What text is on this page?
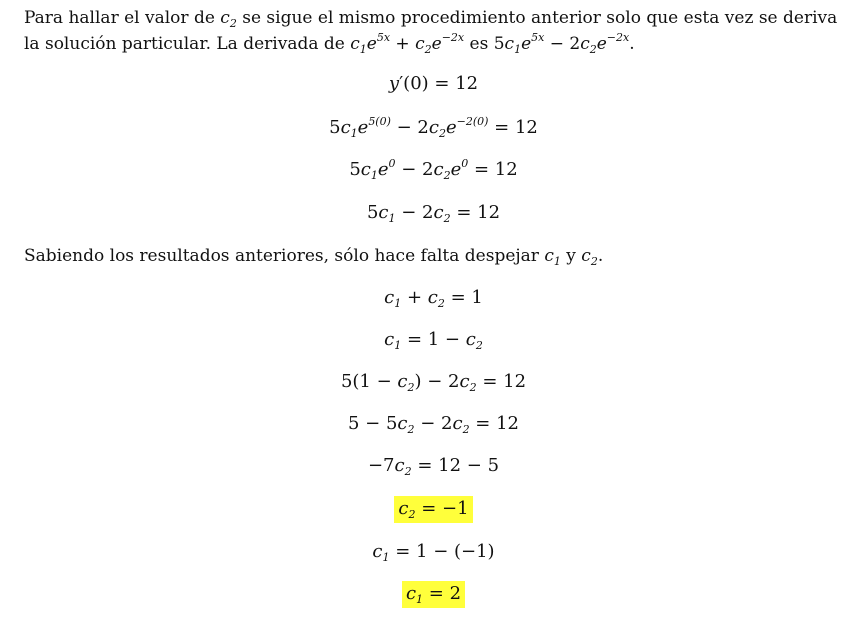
Para hallar el valor de $c_2$ se sigue el mismo procedimiento anterior solo que esta vez se deriva
la solución particular. La derivada de $c_1e^{5x} + c_2e^{-2x}$ es $5c_1e^{5x} - 2c_2e^{-2x}$.
y′(0) = 12
$5c_1e^{5(0)} - 2c_2e^{-2(0)} = 12$
$5c_1e^0 - 2c_2e^0 = 12$
$5c_1 - 2c_2 = 12$
Sabiendo los resultados anteriores, sólo hace falta despejar $c_1$ y $c_2$.
$c_1 + c_2 = 1$
$c_1 = 1 - c_2$
$5(1 - c_2) - 2c_2 = 12$
$5 - 5c_2 - 2c_2 = 12$
$-7c_2 = 12 - 5$
$c_2 = -1$
$c_1 = 1 - (-1)$
$c_1 = 2$
